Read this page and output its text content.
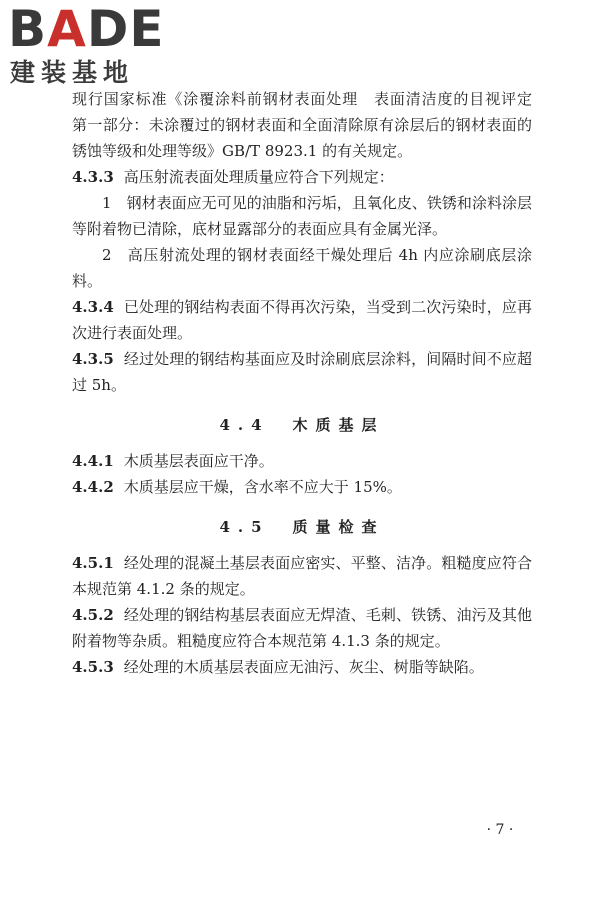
BADE
建装基地

现行国家标准《涂覆涂料前钢材表面处理　表面清洁度的目视评定　第一部分：未涂覆过的钢材表面和全面清除原有涂层后的钢材表面的锈蚀等级和处理等级》GB/T 8923.1 的有关规定。

4.3.3 高压射流表面处理质量应符合下列规定：

1　钢材表面应无可见的油脂和污垢，且氧化皮、铁锈和涂料涂层等附着物已清除，底材显露部分的表面应具有金属光泽。

2　高压射流处理的钢材表面经干燥处理后 4h 内应涂刷底层涂料。

4.3.4 已处理的钢结构表面不得再次污染，当受到二次污染时，应再次进行表面处理。

4.3.5 经过处理的钢结构基面应及时涂刷底层涂料，间隔时间不应超过 5h。

4.4　木质基层

4.4.1 木质基层表面应干净。

4.4.2 木质基层应干燥，含水率不应大于 15%。

4.5　质量检查

4.5.1 经处理的混凝土基层表面应密实、平整、洁净。粗糙度应符合本规范第 4.1.2 条的规定。

4.5.2 经处理的钢结构基层表面应无焊渣、毛刺、铁锈、油污及其他附着物等杂质。粗糙度应符合本规范第 4.1.3 条的规定。

4.5.3 经处理的木质基层表面应无油污、灰尘、树脂等缺陷。

· 7 ·
